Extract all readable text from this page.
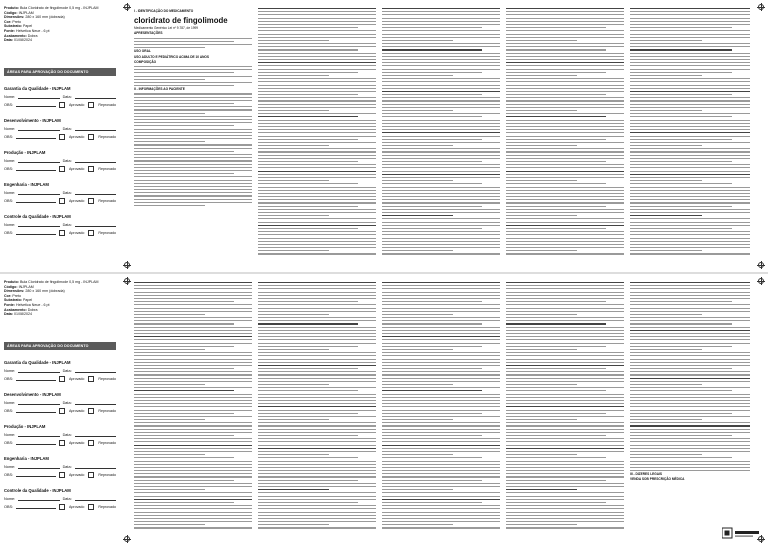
Produto: Bula Cloridrato de fingolimode 0,5 mg - INJPLAM
Código: INJPLAM
Dimensões: 280 x 160 mm (dobrada)
Cor: Preto
Substrato: Papel
Fonte: Helvetica Neue - 6 pt
Acabamento: Dobra
Data: 01/08/2024
ÁREAS PARA APROVAÇÃO DO DOCUMENTO
Garantia da Qualidade - INJPLAM
Nome:	Data:
OBS:	Aprovado	Reprovado
Desenvolvimento - INJPLAM
Nome:	Data:
OBS:	Aprovado	Reprovado
Produção - INJPLAM
Nome:	Data:
OBS:	Aprovado	Reprovado
Engenharia - INJPLAM
Nome:	Data:
OBS:	Aprovado	Reprovado
Controle da Qualidade - INJPLAM
Nome:	Data:
OBS:	Aprovado	Reprovado
I - IDENTIFICAÇÃO DO MEDICAMENTO
cloridrato de fingolimode
Medicamento Genérico Lei nº 9.787, de 1999
APRESENTAÇÕES
USO ORAL
USO ADULTO E PEDIÁTRICO ACIMA DE 10 ANOS
COMPOSIÇÃO
II - INFORMAÇÕES AO PACIENTE
Produto: Bula Cloridrato de fingolimode 0,5 mg - INJPLAM
Código: INJPLAM
Dimensões: 280 x 160 mm (dobrada)
Cor: Preto
Substrato: Papel
Fonte: Helvetica Neue - 6 pt
Acabamento: Dobra
Data: 01/08/2024
ÁREAS PARA APROVAÇÃO DO DOCUMENTO
Garantia da Qualidade - INJPLAM
Nome:	Data:
OBS:	Aprovado	Reprovado
Desenvolvimento - INJPLAM
Nome:	Data:
OBS:	Aprovado	Reprovado
Produção - INJPLAM
Nome:	Data:
OBS:	Aprovado	Reprovado
Engenharia - INJPLAM
Nome:	Data:
OBS:	Aprovado	Reprovado
Controle da Qualidade - INJPLAM
Nome:	Data:
OBS:	Aprovado	Reprovado
III - DIZERES LEGAIS
VENDA SOB PRESCRIÇÃO MÉDICA
